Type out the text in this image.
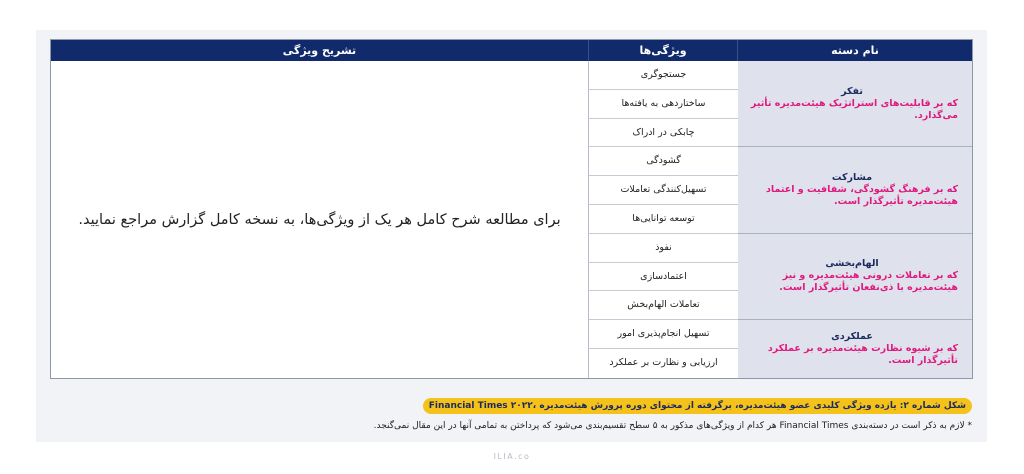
نام دسته
ویژگی‌ها
تشریح ویژگی
برای مطالعه شرح کامل هر یک از ویژگی‌ها، به نسخه کامل گزارش مراجع نمایید.
جستجوگری
ساختاردهی به یافته‌ها
چابکی در ادراک
گشودگی
تسهیل‌کنندگی تعاملات
توسعه توانایی‌ها
نفوذ
اعتمادسازی
تعاملات الهام‌بخش
تسهیل انجام‌پذیری امور
ارزیابی و نظارت بر عملکرد
تفکر
که بر قابلیت‌های استراتژیک هیئت‌مدیره تأثیر می‌گذارد.
مشارکت
که بر فرهنگ گشودگی، شفافیت و اعتماد هیئت‌مدیره تأثیرگذار است.
الهام‌بخشی
که بر تعاملات درونی هیئت‌مدیره و نیز هیئت‌مدیره با ذی‌نفعان تأثیرگذار است.
عملکردی
که بر شیوه نظارت هیئت‌مدیره بر عملکرد تأثیرگذار است.
شکل شماره ۲: یازده ویژگی کلیدی عضو هیئت‌مدیره، برگرفته از محتوای دوره پرورش هیئت‌مدیره ،Financial Times ۲۰۲۲
* لازم به ذکر است در دسته‌بندی Financial Times هر کدام از ویژگی‌های مذکور به ۵ سطح تقسیم‌بندی می‌شود که پرداختن به تمامی آنها در این مقال نمی‌گنجد.
ILIA.co
